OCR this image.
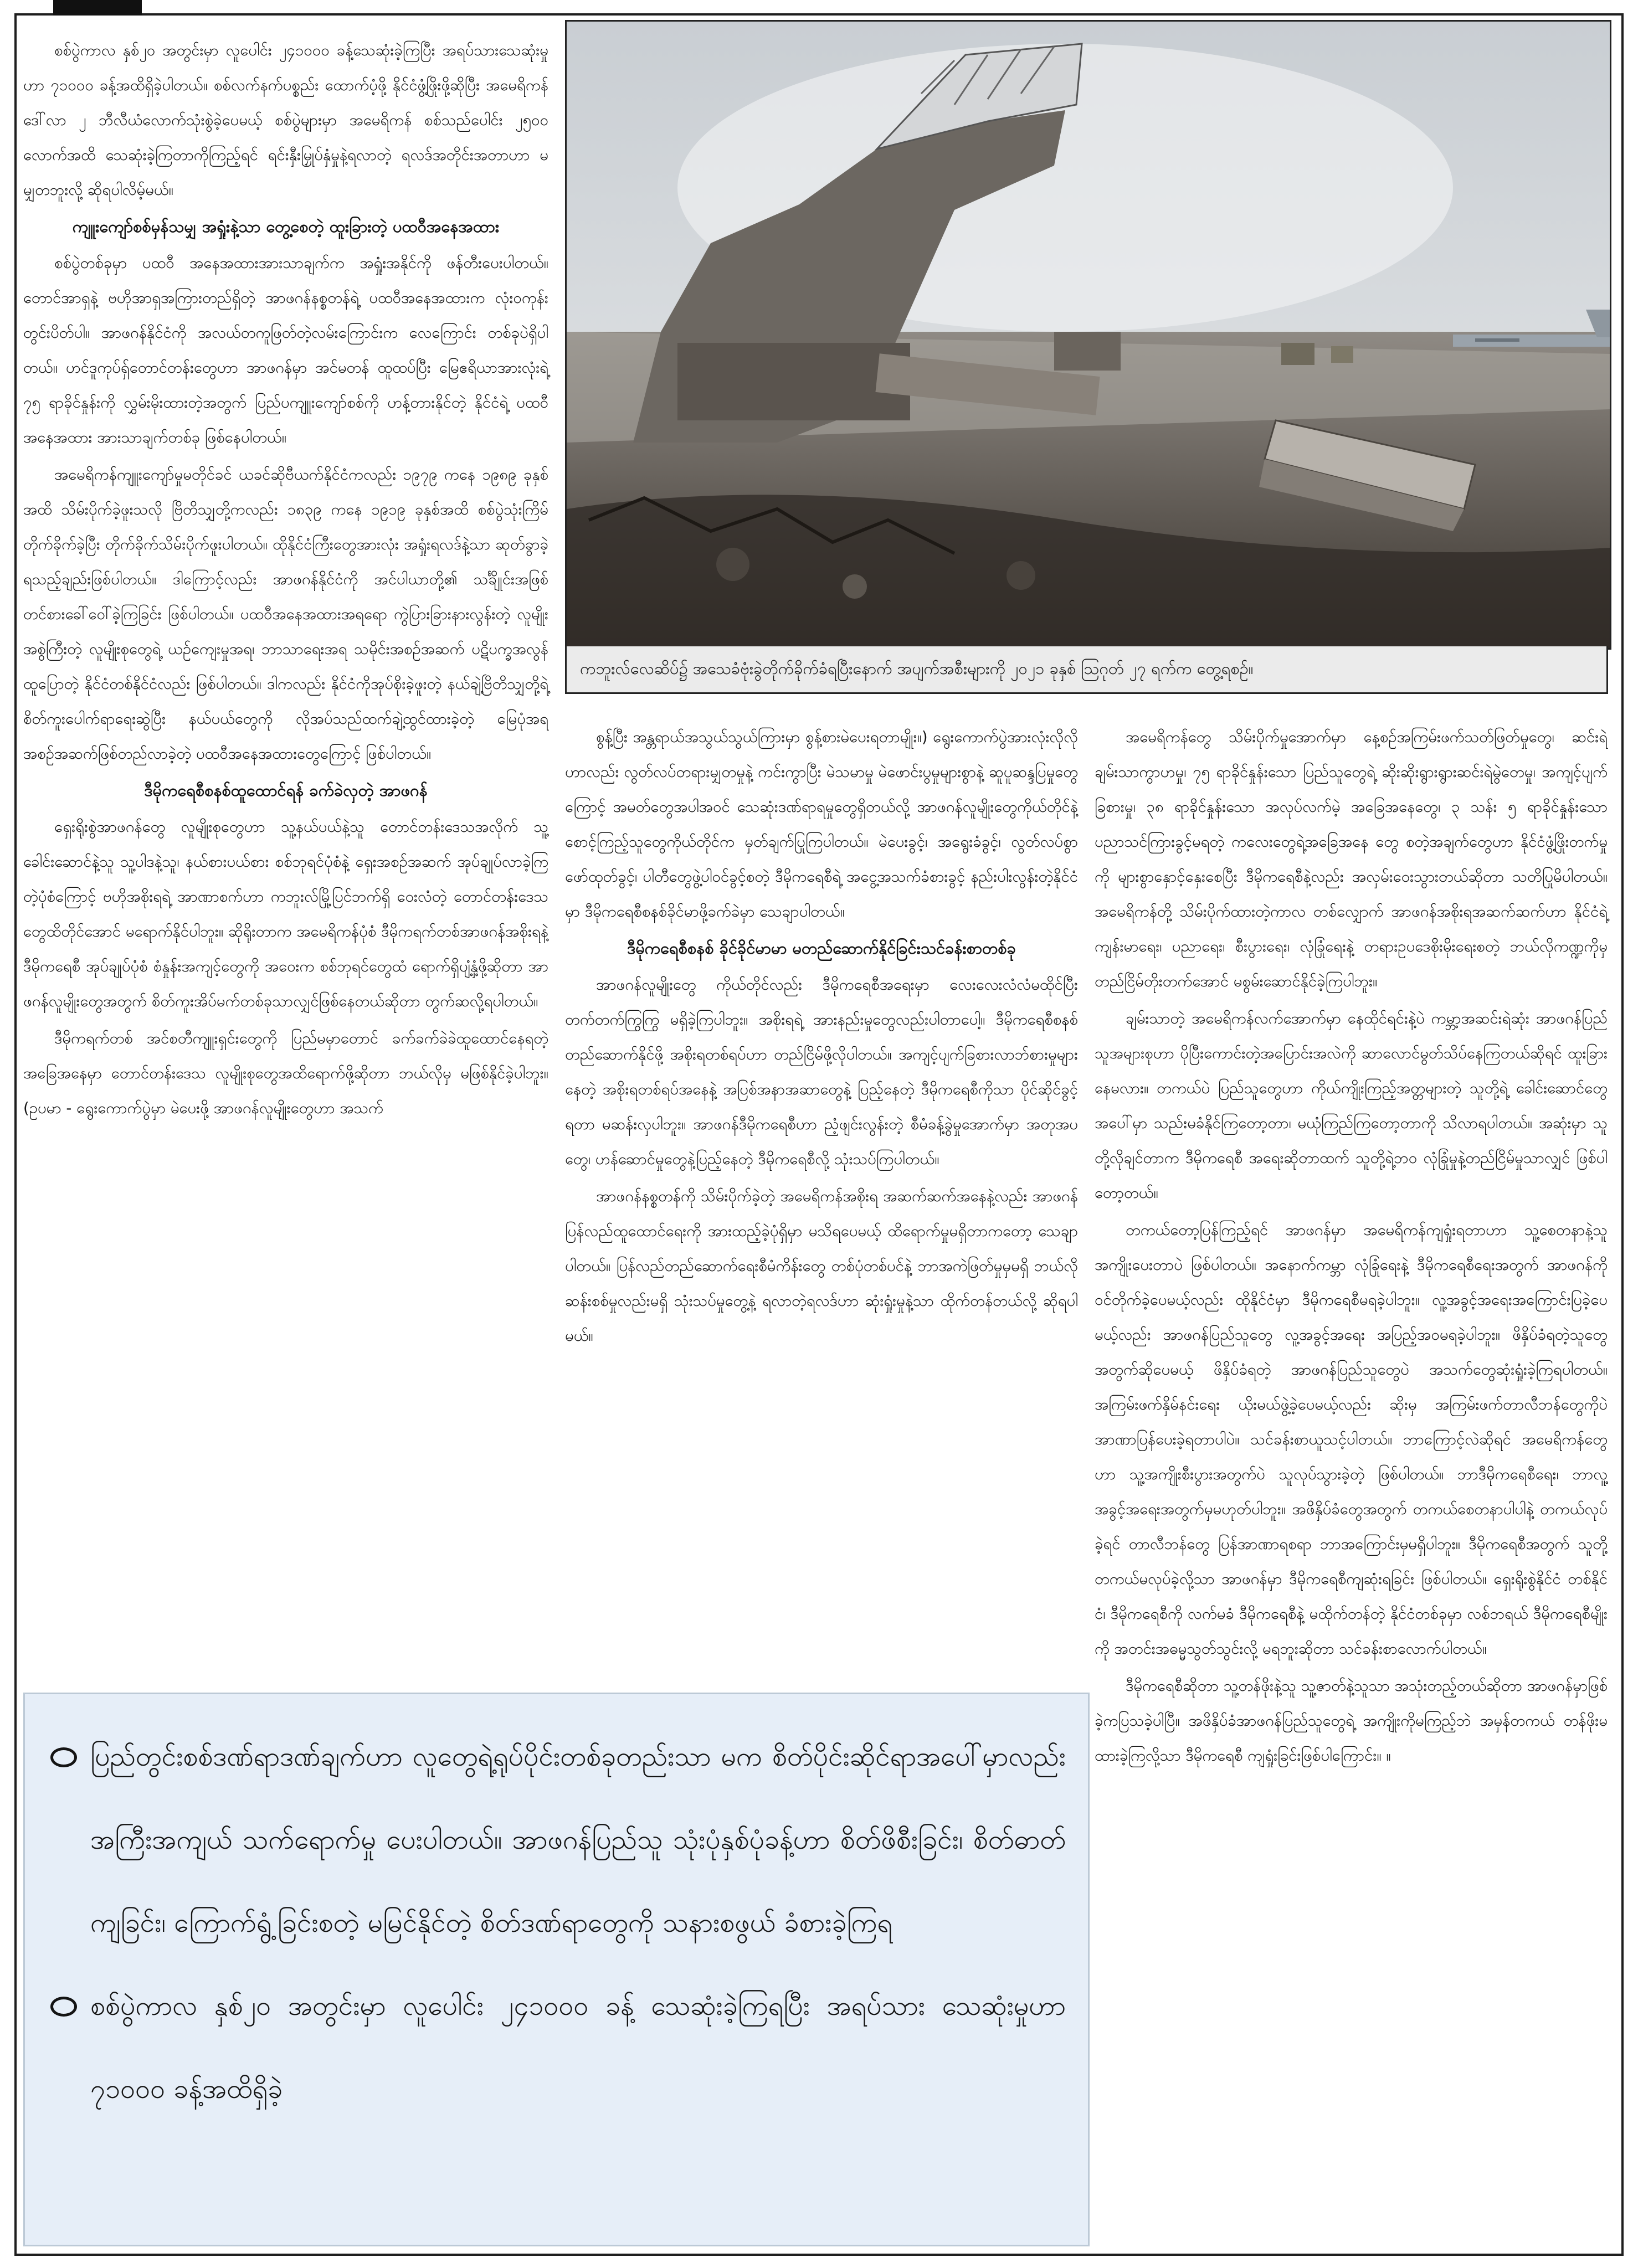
စစ်ပွဲကာလ နှစ်၂၀ အတွင်းမှာ လူပေါင်း ၂၄၁၀၀၀ ခန့်သေဆုံးခဲ့ကြပြီး အရပ်သားသေဆုံးမှုဟာ ၇၁၀၀၀ ခန့်အထိရှိခဲ့ပါတယ်။ စစ်လက်နက်ပစ္စည်း ထောက်ပံ့ဖို့ နိုင်ငံဖွံ့ဖြိုးဖို့ဆိုပြီး အမေရိကန်ဒေါ်လာ ၂ ဘီလီယံလောက်သုံးစွဲခဲ့ပေမယ့် စစ်ပွဲများမှာ အမေရိကန် စစ်သည်ပေါင်း ၂၅၀၀ လောက်အထိ သေဆုံးခဲ့ကြတာကိုကြည့်ရင် ရင်းနှီးမြှုပ်နှံမှုနဲ့ရလာတဲ့ ရလဒ်အတိုင်းအတာဟာ မမျှတဘူးလို့ ဆိုရပါလိမ့်မယ်။

ကျူးကျော်စစ်မှန်သမျှ အရှုံးနဲ့သာ တွေ့စေတဲ့ ထူးခြားတဲ့ ပထဝီအနေအထား

စစ်ပွဲတစ်ခုမှာ ပထဝီ အနေအထားအားသာချက်က အရှုံးအနိုင်ကို ဖန်တီးပေးပါတယ်။ တောင်အာရှနဲ့ ဗဟိုအာရှအကြားတည်ရှိတဲ့ အာဖဂန်နစ္စတန်ရဲ့ ပထဝီအနေအထားက လုံးဝကုန်းတွင်းပိတ်ပါ။ အာဖဂန်နိုင်ငံကို အလယ်တကူဖြတ်တဲ့လမ်းကြောင်းက လေကြောင်း တစ်ခုပဲရှိပါတယ်။ ဟင်ဒူကုပ်ရှ်တောင်တန်းတွေဟာ အာဖဂန်မှာ အင်မတန် ထူထပ်ပြီး မြေဧရိယာအားလုံးရဲ့ ၇၅ ရာခိုင်နှုန်းကို လွှမ်းမိုးထားတဲ့အတွက် ပြည်ပကျူးကျော်စစ်ကို ဟန့်တားနိုင်တဲ့ နိုင်ငံရဲ့ ပထဝီအနေအထား အားသာချက်တစ်ခု ဖြစ်နေပါတယ်။

အမေရိကန်ကျူးကျော်မှုမတိုင်ခင် ယခင်ဆိုဗီယက်နိုင်ငံကလည်း ၁၉၇၉ ကနေ ၁၉၈၉ ခုနှစ်အထိ သိမ်းပိုက်ခဲ့ဖူးသလို ဗြိတိသျှတို့ကလည်း ၁၈၃၉ ကနေ ၁၉၁၉ ခုနှစ်အထိ စစ်ပွဲသုံးကြိမ်တိုက်ခိုက်ခဲ့ပြီး တိုက်ခိုက်သိမ်းပိုက်ဖူးပါတယ်။ ထိုနိုင်ငံကြီးတွေအားလုံး အရှုံးရလဒ်နဲ့သာ ဆုတ်ခွာခဲ့ရသည့်ချည်းဖြစ်ပါတယ်။ ဒါကြောင့်လည်း အာဖဂန်နိုင်ငံကို အင်ပါယာတို့၏ သင်္ချိုင်းအဖြစ် တင်စားခေါ်ဝေါ်ခဲ့ကြခြင်း ဖြစ်ပါတယ်။ ပထဝီအနေအထားအရရော ကွဲပြားခြားနားလွန်းတဲ့ လူမျိုးအစွဲကြီးတဲ့ လူမျိုးစုတွေရဲ့ ယဉ်ကျေးမှုအရ၊ ဘာသာရေးအရ သမိုင်းအစဉ်အဆက် ပဋိပက္ခအလွန်ထူပြောတဲ့ နိုင်ငံတစ်နိုင်ငံလည်း ဖြစ်ပါတယ်။ ဒါကလည်း နိုင်ငံကိုအုပ်စိုးခဲ့ဖူးတဲ့ နယ်ချဲ့ဗြိတိသျှတို့ရဲ့ စိတ်ကူးပေါက်ရာရေးဆွဲပြီး နယ်ပယ်တွေကို လိုအပ်သည်ထက်ချဲ့ထွင်ထားခဲ့တဲ့ မြေပုံအရ အစဉ်အဆက်ဖြစ်တည်လာခဲ့တဲ့ ပထဝီအနေအထားတွေကြောင့် ဖြစ်ပါတယ်။

ဒီမိုကရေစီစနစ်ထူထောင်ရန် ခက်ခဲလှတဲ့ အာဖဂန်

ရှေးရိုးစွဲအာဖဂန်တွေ လူမျိုးစုတွေဟာ သူ့နယ်ပယ်နဲ့သူ တောင်တန်းဒေသအလိုက် သူ့ခေါင်းဆောင်နဲ့သူ သူ့ပါဒနဲ့သူ၊ နယ်စားပယ်စား စစ်ဘုရင်ပုံစံနဲ့ ရှေးအစဉ်အဆက် အုပ်ချုပ်လာခဲ့ကြတဲ့ပုံစံကြောင့် ဗဟိုအစိုးရရဲ့ အာဏာစက်ဟာ ကဘူးလ်မြို့ပြင်ဘက်ရှိ ဝေးလံတဲ့ တောင်တန်းဒေသတွေထိတိုင်အောင် မရောက်နိုင်ပါဘူး။ ဆိုရိုးတာက အမေရိကန်ပုံစံ ဒီမိုကရက်တစ်အာဖဂန်အစိုးရနဲ့ ဒီမိုကရေစီ အုပ်ချုပ်ပုံစံ စံနှုန်းအကျင့်တွေကို အဝေးက စစ်ဘုရင်တွေထံ ရောက်ရှိပျံ့နှံ့ဖို့ဆိုတာ အာဖဂန်လူမျိုးတွေအတွက် စိတ်ကူးအိပ်မက်တစ်ခုသာလျှင်ဖြစ်နေတယ်ဆိုတာ တွက်ဆလို့ရပါတယ်။

ဒီမိုကရက်တစ် အင်စတီကျူးရှင်းတွေကို ပြည်မမှာတောင် ခက်ခက်ခဲခဲထူထောင်နေရတဲ့အခြေအနေမှာ တောင်တန်းဒေသ လူမျိုးစုတွေအထိရောက်ဖို့ဆိုတာ ဘယ်လိုမှ မဖြစ်နိုင်ခဲ့ပါဘူး။ (ဥပမာ - ရွေးကောက်ပွဲမှာ မဲပေးဖို့ အာဖဂန်လူမျိုးတွေဟာ အသက်

ကဘူးလ်လေဆိပ်၌ အသေခံဗုံးခွဲတိုက်ခိုက်ခံရပြီးနောက် အပျက်အစီးများကို ၂၀၂၁ ခုနှစ် ဩဂုတ် ၂၇ ရက်က တွေ့ရစဉ်။

စွန့်ပြီး အန္တရာယ်အသွယ်သွယ်ကြားမှာ စွန့်စားမဲပေးရတာမျိုး။) ရွေးကောက်ပွဲအားလုံးလိုလိုဟာလည်း လွတ်လပ်တရားမျှတမှုနဲ့ ကင်းကွာပြီး မဲသမာမှု မဲဖောင်းပွမှုများစွာနဲ့ ဆူပူဆန္ဒပြမှုတွေကြောင့် အမတ်တွေအပါအဝင် သေဆုံးဒဏ်ရာရမှုတွေရှိတယ်လို့ အာဖဂန်လူမျိုးတွေကိုယ်တိုင်နဲ့ စောင့်ကြည့်သူတွေကိုယ်တိုင်က မှတ်ချက်ပြုကြပါတယ်။ မဲပေးခွင့်၊ အရွေးခံခွင့်၊ လွတ်လပ်စွာဖော်ထုတ်ခွင့်၊ ပါတီတွေဖွဲ့ပါဝင်ခွင့်စတဲ့ ဒီမိုကရေစီရဲ့ အငွေ့အသက်ခံစားခွင့် နည်းပါးလွန်းတဲ့နိုင်ငံမှာ ဒီမိုကရေစီစနစ်ခိုင်မာဖို့ခက်ခဲမှာ သေချာပါတယ်။

ဒီမိုကရေစီစနစ် ခိုင်ခိုင်မာမာ မတည်ဆောက်နိုင်ခြင်းသင်ခန်းစာတစ်ခု

အာဖဂန်လူမျိုးတွေ ကိုယ်တိုင်လည်း ဒီမိုကရေစီအရေးမှာ လေးလေးလံလံမထိုင်ပြီး တက်တက်ကြွကြွ မရှိခဲ့ကြပါဘူး။ အစိုးရရဲ့ အားနည်းမှုတွေလည်းပါတာပေါ့။ ဒီမိုကရေစီစနစ် တည်ဆောက်နိုင်ဖို့ အစိုးရတစ်ရပ်ဟာ တည်ငြိမ်ဖို့လိုပါတယ်။ အကျင့်ပျက်ခြစားလာဘ်စားမှုများနေတဲ့ အစိုးရတစ်ရပ်အနေနဲ့ အပြစ်အနာအဆာတွေနဲ့ ပြည့်နေတဲ့ ဒီမိုကရေစီကိုသာ ပိုင်ဆိုင်ခွင့်ရတာ မဆန်းလှပါဘူး။ အာဖဂန်ဒီမိုကရေစီဟာ ညံ့ဖျင်းလွန်းတဲ့ စီမံခန့်ခွဲမှုအောက်မှာ အတုအပတွေ၊ ဟန်ဆောင်မှုတွေနဲ့ပြည့်နေတဲ့ ဒီမိုကရေစီလို့ သုံးသပ်ကြပါတယ်။

အာဖဂန်နစ္စတန်ကို သိမ်းပိုက်ခဲ့တဲ့ အမေရိကန်အစိုးရ အဆက်ဆက်အနေနဲ့လည်း အာဖဂန်ပြန်လည်ထူထောင်ရေးကို အားထည့်ခဲ့ပုံရှိမှာ မသိရပေမယ့် ထိရောက်မှုမရှိတာကတော့ သေချာပါတယ်။ ပြန်လည်တည်ဆောက်ရေးစီမံကိန်းတွေ တစ်ပုံတစ်ပင်နဲ့ ဘာအကဲဖြတ်မှုမှမရှိ ဘယ်လိုဆန်းစစ်မှုလည်းမရှိ သုံးသပ်မှုတွေ့နဲ့ ရလာတဲ့ရလဒ်ဟာ ဆုံးရှုံးမှုနဲ့သာ ထိုက်တန်တယ်လို့ ဆိုရပါမယ်။

အမေရိကန်တွေ သိမ်းပိုက်မှုအောက်မှာ နေ့စဉ်အကြမ်းဖက်သတ်ဖြတ်မှုတွေ၊ ဆင်းရဲချမ်းသာကွာဟမှု၊ ၇၅ ရာခိုင်နှုန်းသော ပြည်သူတွေရဲ့ ဆိုးဆိုးရွားရွားဆင်းရဲမွဲတေမှု၊ အကျင့်ပျက်ခြစားမှု၊ ၃၈ ရာခိုင်နှုန်းသော အလုပ်လက်မဲ့ အခြေအနေတွေ၊ ၃ သန်း ၅ ရာခိုင်နှုန်းသော ပညာသင်ကြားခွင့်မရတဲ့ ကလေးတွေရဲ့အခြေအနေ တွေ စတဲ့အချက်တွေဟာ နိုင်ငံဖွံ့ဖြိုးတက်မှုကို များစွာနှောင့်နှေးစေပြီး ဒီမိုကရေစီနဲ့လည်း အလှမ်းဝေးသွားတယ်ဆိုတာ သတိပြုမိပါတယ်။ အမေရိကန်တို့ သိမ်းပိုက်ထားတဲ့ကာလ တစ်လျှောက် အာဖဂန်အစိုးရအဆက်ဆက်ဟာ နိုင်ငံရဲ့ကျန်းမာရေး၊ ပညာရေး၊ စီးပွားရေး၊ လုံခြုံရေးနဲ့ တရားဥပဒေစိုးမိုးရေးစတဲ့ ဘယ်လိုကဏ္ဍကိုမှ တည်ငြိမ်တိုးတက်အောင် မစွမ်းဆောင်နိုင်ခဲ့ကြပါဘူး။

ချမ်းသာတဲ့ အမေရိကန်လက်အောက်မှာ နေထိုင်ရင်းနဲ့ပဲ ကမ္ဘာ့အဆင်းရဲဆုံး အာဖဂန်ပြည်သူအများစုဟာ ပိုပြီးကောင်းတဲ့အပြောင်းအလဲကို ဆာလောင်မွတ်သိပ်နေကြတယ်ဆိုရင် ထူးခြားနေမလား။ တကယ်ပဲ ပြည်သူတွေဟာ ကိုယ်ကျိုးကြည့်အတ္တများတဲ့ သူတို့ရဲ့ ခေါင်းဆောင်တွေအပေါ်မှာ သည်းမခံနိုင်ကြတော့တာ၊ မယုံကြည်ကြတော့တာကို သိလာရပါတယ်။ အဆုံးမှာ သူတို့လိုချင်တာက ဒီမိုကရေစီ အရေးဆိုတာထက် သူတို့ရဲ့ဘဝ လုံခြုံမှုနဲ့တည်ငြိမ်မှုသာလျှင် ဖြစ်ပါတော့တယ်။

တကယ်တော့ပြန်ကြည့်ရင် အာဖဂန်မှာ အမေရိကန်ကျရှုံးရတာဟာ သူ့စေတနာနဲ့သူ အကျိုးပေးတာပဲ ဖြစ်ပါတယ်။ အနောက်ကမ္ဘာ လုံခြုံရေးနဲ့ ဒီမိုကရေစီရေးအတွက် အာဖဂန်ကို ဝင်တိုက်ခဲ့ပေမယ့်လည်း ထိုနိုင်ငံမှာ ဒီမိုကရေစီမရခဲ့ပါဘူး။ လူ့အခွင့်အရေးအကြောင်းပြခဲ့ပေမယ့်လည်း အာဖဂန်ပြည်သူတွေ လူ့အခွင့်အရေး အပြည့်အဝမရခဲ့ပါဘူး။ ဖိနှိပ်ခံရတဲ့သူတွေအတွက်ဆိုပေမယ့် ဖိနှိပ်ခံရတဲ့ အာဖဂန်ပြည်သူတွေပဲ အသက်တွေဆုံးရှုံးခဲ့ကြရပါတယ်။ အကြမ်းဖက်နှိမ်နင်းရေး ယိုးမယ်ဖွဲ့ခဲ့ပေမယ့်လည်း ဆိုးမှ အကြမ်းဖက်တာလီဘန်တွေကိုပဲ အာဏာပြန်ပေးခဲ့ရတာပါပဲ။ သင်ခန်းစာယူသင့်ပါတယ်။ ဘာကြောင့်လဲဆိုရင် အမေရိကန်တွေဟာ သူ့အကျိုးစီးပွားအတွက်ပဲ သူလုပ်သွားခဲ့တဲ့ ဖြစ်ပါတယ်။ ဘာဒီမိုကရေစီရေး၊ ဘာလူ့အခွင့်အရေးအတွက်မှမဟုတ်ပါဘူး။ အဖိနှိပ်ခံတွေအတွက် တကယ်စေတနာပါပါနဲ့ တကယ်လုပ်ခဲ့ရင် တာလီဘန်တွေ ပြန်အာဏာရစရာ ဘာအကြောင်းမှမရှိပါဘူး။ ဒီမိုကရေစီအတွက် သူတို့တကယ်မလုပ်ခဲ့လို့သာ အာဖဂန်မှာ ဒီမိုကရေစီကျဆုံးရခြင်း ဖြစ်ပါတယ်။ ရှေးရိုးစွဲနိုင်ငံ တစ်နိုင်ငံ၊ ဒီမိုကရေစီကို လက်မခံ ဒီမိုကရေစီနဲ့ မထိုက်တန်တဲ့ နိုင်ငံတစ်ခုမှာ လစ်ဘရယ် ဒီမိုကရေစီမျိုးကို အတင်းအဓမ္မသွတ်သွင်းလို့ မရဘူးဆိုတာ သင်ခန်းစာလောက်ပါတယ်။

ဒီမိုကရေစီဆိုတာ သူ့တန်ဖိုးနဲ့သူ သူ့ဇာတ်နဲ့သူသာ အသုံးတည့်တယ်ဆိုတာ အာဖဂန်မှာဖြစ်ခဲ့ကပြသခဲ့ပါပြီ။ အဖိနှိပ်ခံအာဖဂန်ပြည်သူတွေရဲ့ အကျိုးကိုမကြည့်ဘဲ အမှန်တကယ် တန်ဖိုးမထားခဲ့ကြလို့သာ ဒီမိုကရေစီ ကျရှုံးခြင်းဖြစ်ပါကြောင်း။ ။

ပြည်တွင်းစစ်ဒဏ်ရာဒဏ်ချက်ဟာ လူတွေရဲ့ရုပ်ပိုင်းတစ်ခုတည်းသာ မက စိတ်ပိုင်းဆိုင်ရာအပေါ်မှာလည်း အကြီးအကျယ် သက်ရောက်မှု ပေးပါတယ်။ အာဖဂန်ပြည်သူ သုံးပုံနှစ်ပုံခန့်ဟာ စိတ်ဖိစီးခြင်း၊ စိတ်ဓာတ်ကျခြင်း၊ ကြောက်ရွံ့ခြင်းစတဲ့ မမြင်နိုင်တဲ့ စိတ်ဒဏ်ရာတွေကို သနားစဖွယ် ခံစားခဲ့ကြရ
စစ်ပွဲကာလ နှစ်၂၀ အတွင်းမှာ လူပေါင်း ၂၄၁၀၀၀ ခန့် သေဆုံးခဲ့ကြရပြီး အရပ်သား သေဆုံးမှုဟာ ၇၁၀၀၀ ခန့်အထိရှိခဲ့
